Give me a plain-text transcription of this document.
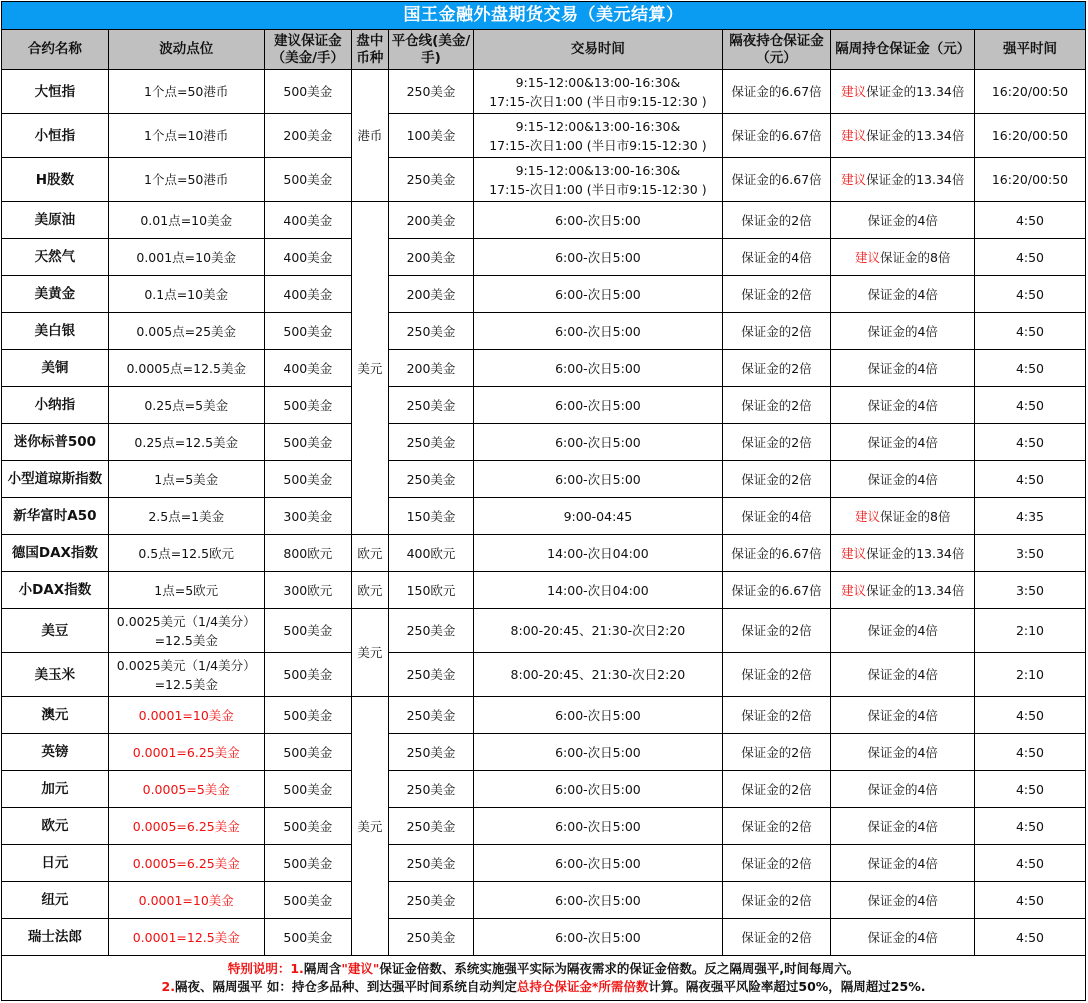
国王金融外盘期货交易（美元结算）								
合约名称	波动点位	建议保证金（美金/手）	盘中币种	平仓线(美金/手)	交易时间	隔夜持仓保证金（元）	隔周持仓保证金（元）	强平时间
大恒指	1个点=50港币	500美金	港币	250美金	9:15-12:00&13:00-16:30&
17:15-次日1:00 (半日市9:15-12:30 )	保证金的6.67倍	建议保证金的13.34倍	16:20/00:50
小恒指	1个点=10港币	200美金		100美金	9:15-12:00&13:00-16:30&
17:15-次日1:00 (半日市9:15-12:30 )	保证金的6.67倍	建议保证金的13.34倍	16:20/00:50
H股数	1个点=50港币	500美金		250美金	9:15-12:00&13:00-16:30&
17:15-次日1:00 (半日市9:15-12:30 )	保证金的6.67倍	建议保证金的13.34倍	16:20/00:50
美原油	0.01点=10美金	400美金	美元	200美金	6:00-次日5:00	保证金的2倍	保证金的4倍	4:50
天然气	0.001点=10美金	400美金		200美金	6:00-次日5:00	保证金的4倍	建议保证金的8倍	4:50
美黄金	0.1点=10美金	400美金		200美金	6:00-次日5:00	保证金的2倍	保证金的4倍	4:50
美白银	0.005点=25美金	500美金		250美金	6:00-次日5:00	保证金的2倍	保证金的4倍	4:50
美铜	0.0005点=12.5美金	400美金		200美金	6:00-次日5:00	保证金的2倍	保证金的4倍	4:50
小纳指	0.25点=5美金	500美金		250美金	6:00-次日5:00	保证金的2倍	保证金的4倍	4:50
迷你标普500	0.25点=12.5美金	500美金		250美金	6:00-次日5:00	保证金的2倍	保证金的4倍	4:50
小型道琼斯指数	1点=5美金	500美金		250美金	6:00-次日5:00	保证金的2倍	保证金的4倍	4:50
新华富时A50	2.5点=1美金	300美金		150美金	9:00-04:45	保证金的4倍	建议保证金的8倍	4:35
德国DAX指数	0.5点=12.5欧元	800欧元	欧元	400欧元	14:00-次日04:00	保证金的6.67倍	建议保证金的13.34倍	3:50
小DAX指数	1点=5欧元	300欧元	欧元	150欧元	14:00-次日04:00	保证金的6.67倍	建议保证金的13.34倍	3:50
美豆	0.0025美元（1/4美分）
=12.5美金	500美金	美元	250美金	8:00-20:45、21:30-次日2:20	保证金的2倍	保证金的4倍	2:10
美玉米	0.0025美元（1/4美分）
=12.5美金	500美金		250美金	8:00-20:45、21:30-次日2:20	保证金的2倍	保证金的4倍	2:10
澳元	0.0001=10美金	500美金	美元	250美金	6:00-次日5:00	保证金的2倍	保证金的4倍	4:50
英镑	0.0001=6.25美金	500美金		250美金	6:00-次日5:00	保证金的2倍	保证金的4倍	4:50
加元	0.0005=5美金	500美金		250美金	6:00-次日5:00	保证金的2倍	保证金的4倍	4:50
欧元	0.0005=6.25美金	500美金		250美金	6:00-次日5:00	保证金的2倍	保证金的4倍	4:50
日元	0.0005=6.25美金	500美金		250美金	6:00-次日5:00	保证金的2倍	保证金的4倍	4:50
纽元	0.0001=10美金	500美金		250美金	6:00-次日5:00	保证金的2倍	保证金的4倍	4:50
瑞士法郎	0.0001=12.5美金	500美金		250美金	6:00-次日5:00	保证金的2倍	保证金的4倍	4:50

特别说明：1.隔周含"建议"保证金倍数、系统实施强平实际为隔夜需求的保证金倍数。反之隔周强平,时间每周六。
2.隔夜、隔周强平 如：持仓多品种、到达强平时间系统自动判定总持仓保证金*所需倍数计算。隔夜强平风险率超过50%，隔周超过25%.								
